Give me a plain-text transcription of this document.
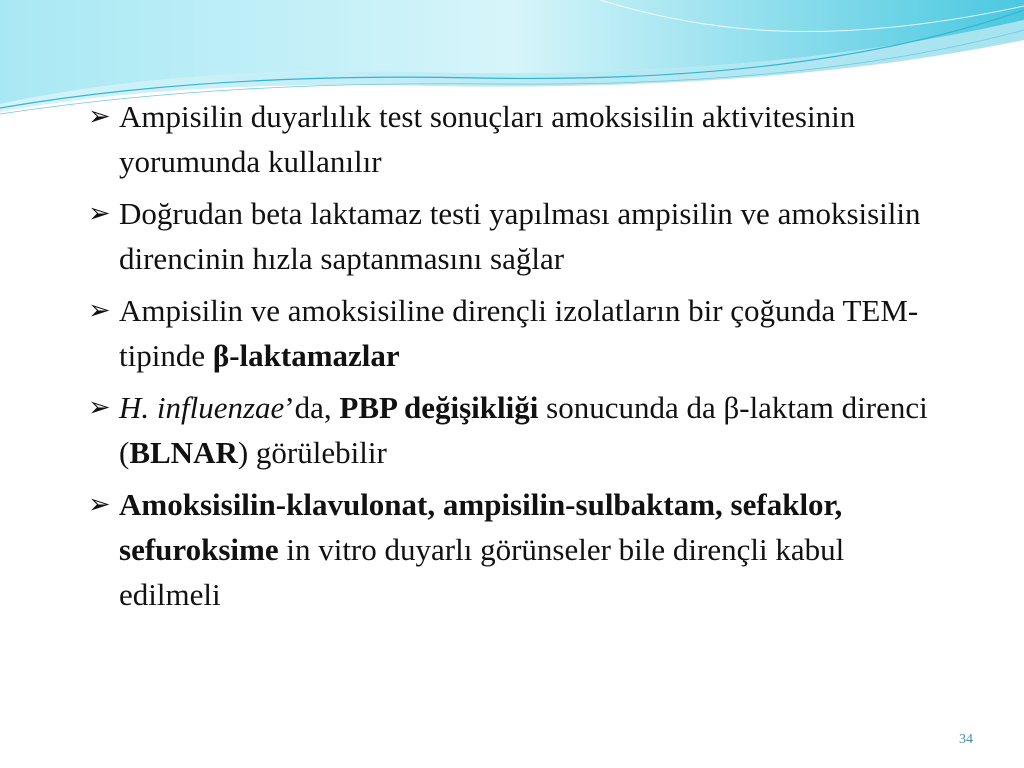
➢ Ampisilin duyarlılık test sonuçları amoksisilin aktivitesinin yorumunda kullanılır
➢ Doğrudan beta laktamaz testi yapılması ampisilin ve amoksisilin direncinin hızla saptanmasını sağlar
➢ Ampisilin ve amoksisiline dirençli izolatların bir çoğunda TEM-tipinde β-laktamazlar
➢ H. influenzae’da, PBP değişikliği sonucunda da β-laktam direnci (BLNAR) görülebilir
➢ Amoksisilin-klavulonat, ampisilin-sulbaktam, sefaklor, sefuroksime in vitro duyarlı görünseler bile dirençli kabul edilmeli
34
